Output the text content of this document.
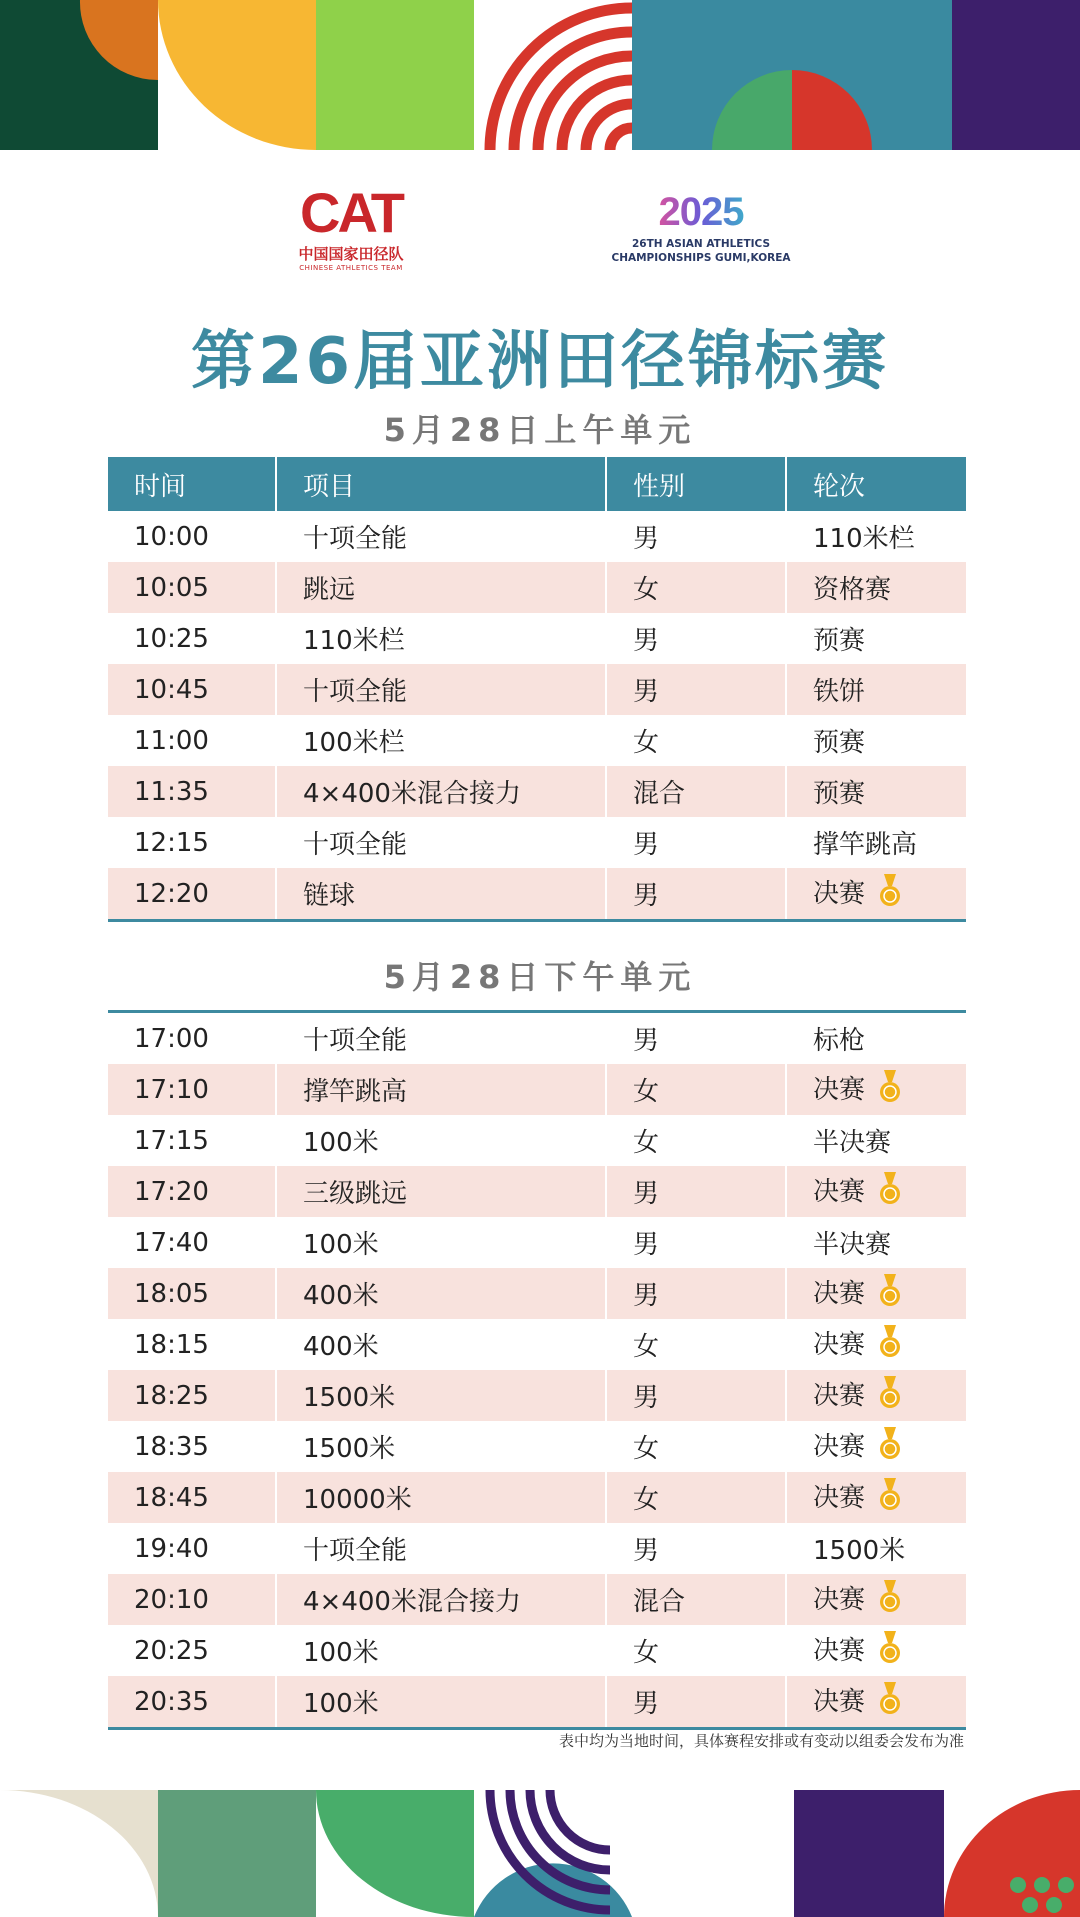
CAT
中国国家田径队
CHINESE ATHLETICS TEAM
2025
26TH ASIAN ATHLETICS
CHAMPIONSHIPS GUMI,KOREA
第26届亚洲田径锦标赛
5月28日上午单元
时间	项目	性别	轮次
10:00	十项全能	男	110米栏
10:05	跳远	女	资格赛
10:25	110米栏	男	预赛
10:45	十项全能	男	铁饼
11:00	100米栏	女	预赛
11:35	4×400米混合接力	混合	预赛
12:15	十项全能	男	撑竿跳高
12:20	链球	男	决赛
5月28日下午单元
17:00	十项全能	男	标枪
17:10	撑竿跳高	女	决赛
17:15	100米	女	半决赛
17:20	三级跳远	男	决赛
17:40	100米	男	半决赛
18:05	400米	男	决赛
18:15	400米	女	决赛
18:25	1500米	男	决赛
18:35	1500米	女	决赛
18:45	10000米	女	决赛
19:40	十项全能	男	1500米
20:10	4×400米混合接力	混合	决赛
20:25	100米	女	决赛
20:35	100米	男	决赛
表中均为当地时间，具体赛程安排或有变动以组委会发布为准
